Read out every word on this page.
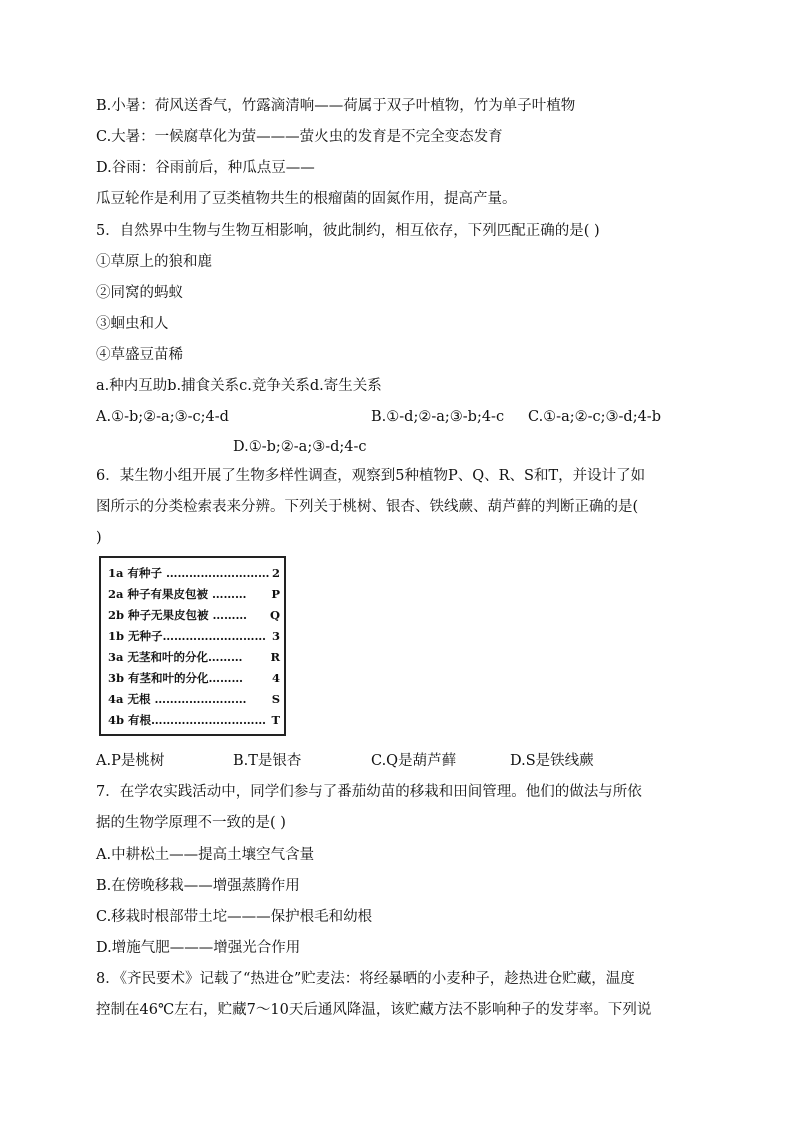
B.小暑：荷风送香气，竹露滴清响——荷属于双子叶植物，竹为单子叶植物
C.大暑：一候腐草化为萤———萤火虫的发育是不完全变态发育
D.谷雨：谷雨前后，种瓜点豆——
瓜豆轮作是利用了豆类植物共生的根瘤菌的固氮作用，提高产量。
5．自然界中生物与生物互相影响，彼此制约，相互依存，下列匹配正确的是( )
①草原上的狼和鹿
②同窝的蚂蚁
③蛔虫和人
④草盛豆苗稀
a.种内互助b.捕食关系c.竞争关系d.寄生关系
A.①-b;②-a;③-c;4-d	B.①-d;②-a;③-b;4-c C.①-a;②-c;③-d;4-b
D.①-b;②-a;③-d;4-c
6．某生物小组开展了生物多样性调查，观察到5种植物P、Q、R、S和T，并设计了如
图所示的分类检索表来分辨。下列关于桃树、银杏、铁线蕨、葫芦藓的判断正确的是(
)
1a 有种子 ……………………… 2
2a 种子有果皮包被 ……… P
2b 种子无果皮包被 ……… Q
1b 无种子……………………… 3
3a 无茎和叶的分化……… R
3b 有茎和叶的分化………	4
4a 无根 …………………… S
4b 有根………………………… T
A.P是桃树	B.T是银杏	C.Q是葫芦藓	D.S是铁线蕨
7．在学农实践活动中，同学们参与了番茄幼苗的移栽和田间管理。他们的做法与所依
据的生物学原理不一致的是( )
A.中耕松土——提高土壤空气含量
B.在傍晚移栽——增强蒸腾作用
C.移栽时根部带土坨———保护根毛和幼根
D.增施气肥———增强光合作用
8．《齐民要术》记载了“热进仓”贮麦法：将经暴晒的小麦种子，趁热进仓贮藏，温度
控制在46℃左右，贮藏7～10天后通风降温，该贮藏方法不影响种子的发芽率。下列说
